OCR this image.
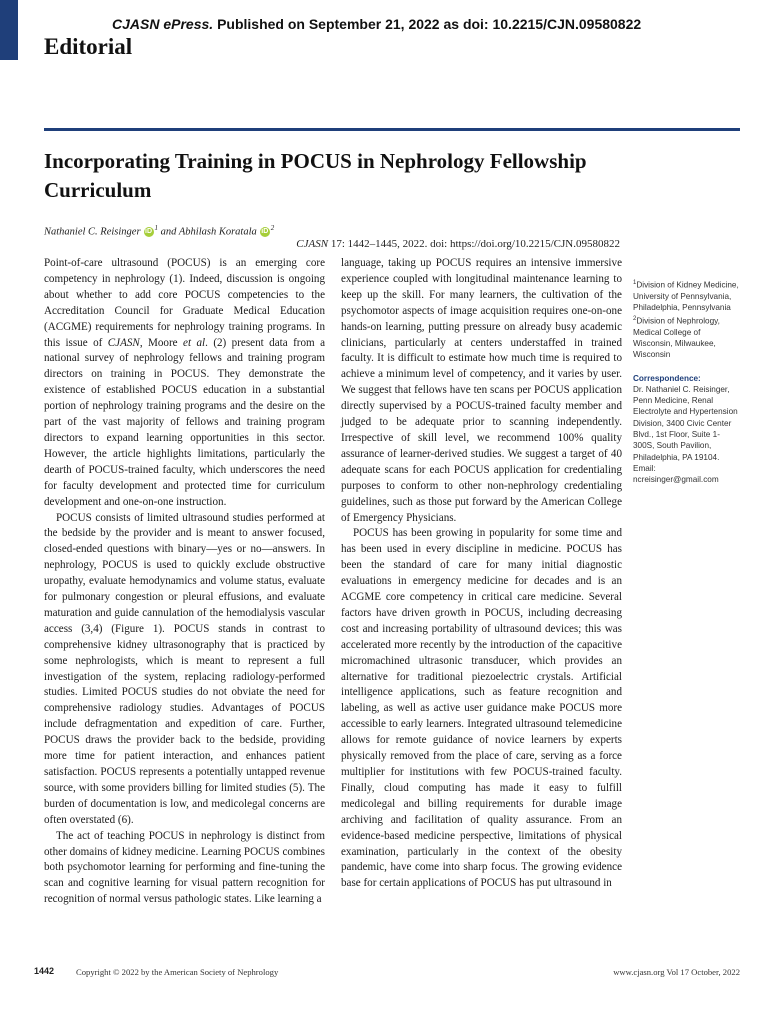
CJASN ePress. Published on September 21, 2022 as doi: 10.2215/CJN.09580822
Editorial
Incorporating Training in POCUS in Nephrology Fellowship Curriculum
Nathaniel C. Reisinger iD $^1$ and Abhilash Koratala iD $^2$
CJASN 17: 1442–1445, 2022. doi: https://doi.org/10.2215/CJN.09580822

Point-of-care ultrasound (POCUS) is an emerging core competency in nephrology (1). Indeed, discussion is ongoing about whether to add core POCUS competencies to the Accreditation Council for Graduate Medical Education (ACGME) requirements for nephrology training programs. In this issue of CJASN, Moore et al. (2) present data from a national survey of nephrology fellows and training program directors on training in POCUS. They demonstrate the existence of established POCUS education in a substantial portion of nephrology training programs and the desire on the part of the vast majority of fellows and training program directors to expand learning opportunities in this sector. However, the article highlights limitations, particularly the dearth of POCUS-trained faculty, which underscores the need for faculty development and protected time for curriculum development and one-on-one instruction.

POCUS consists of limited ultrasound studies performed at the bedside by the provider and is meant to answer focused, closed-ended questions with binary—yes or no—answers. In nephrology, POCUS is used to quickly exclude obstructive uropathy, evaluate hemodynamics and volume status, evaluate for pulmonary congestion or pleural effusions, and evaluate maturation and guide cannulation of the hemodialysis vascular access (3,4) (Figure 1). POCUS stands in contrast to comprehensive kidney ultrasonography that is practiced by some nephrologists, which is meant to represent a full investigation of the system, replacing radiology-performed studies. Limited POCUS studies do not obviate the need for comprehensive radiology studies. Advantages of POCUS include defragmentation and expedition of care. Further, POCUS draws the provider back to the bedside, providing more time for patient interaction, and enhances patient satisfaction. POCUS represents a potentially untapped revenue source, with some providers billing for limited studies (5). The burden of documentation is low, and medicolegal concerns are often overstated (6).

The act of teaching POCUS in nephrology is distinct from other domains of kidney medicine. Learning POCUS combines both psychomotor learning for performing and fine-tuning the scan and cognitive learning for visual pattern recognition for recognition of normal versus pathologic states. Like learning a

language, taking up POCUS requires an intensive immersive experience coupled with longitudinal maintenance learning to keep up the skill. For many learners, the cultivation of the psychomotor aspects of image acquisition requires one-on-one hands-on learning, putting pressure on already busy academic clinicians, particularly at centers understaffed in trained faculty. It is difficult to estimate how much time is required to achieve a minimum level of competency, and it varies by user. We suggest that fellows have ten scans per POCUS application directly supervised by a POCUS-trained faculty member and judged to be adequate prior to scanning independently. Irrespective of skill level, we recommend 100% quality assurance of learner-derived studies. We suggest a target of 40 adequate scans for each POCUS application for credentialing purposes to conform to other non-nephrology credentialing guidelines, such as those put forward by the American College of Emergency Physicians.

POCUS has been growing in popularity for some time and has been used in every discipline in medicine. POCUS has been the standard of care for many initial diagnostic evaluations in emergency medicine for decades and is an ACGME core competency in critical care medicine. Several factors have driven growth in POCUS, including decreasing cost and increasing portability of ultrasound devices; this was accelerated more recently by the introduction of the capacitive micromachined ultrasonic transducer, which provides an alternative for traditional piezoelectric crystals. Artificial intelligence applications, such as feature recognition and labeling, as well as active user guidance make POCUS more accessible to early learners. Integrated ultrasound telemedicine allows for remote guidance of novice learners by experts physically removed from the place of care, serving as a force multiplier for institutions with few POCUS-trained faculty. Finally, cloud computing has made it easy to fulfill medicolegal and billing requirements for durable image archiving and facilitation of quality assurance. From an evidence-based medicine perspective, limitations of physical examination, particularly in the context of the obesity pandemic, have come into sharp focus. The growing evidence base for certain applications of POCUS has put ultrasound in

$^1$Division of Kidney Medicine, University of Pennsylvania, Philadelphia, Pennsylvania
$^2$Division of Nephrology, Medical College of Wisconsin, Milwaukee, Wisconsin
Correspondence:
Dr. Nathaniel C. Reisinger, Penn Medicine, Renal Electrolyte and Hypertension Division, 3400 Civic Center Blvd., 1st Floor, Suite 1-300S, South Pavilion, Philadelphia, PA 19104. Email: ncreisinger@gmail.com
1442	Copyright © 2022 by the American Society of Nephrology	www.cjasn.org Vol 17 October, 2022
